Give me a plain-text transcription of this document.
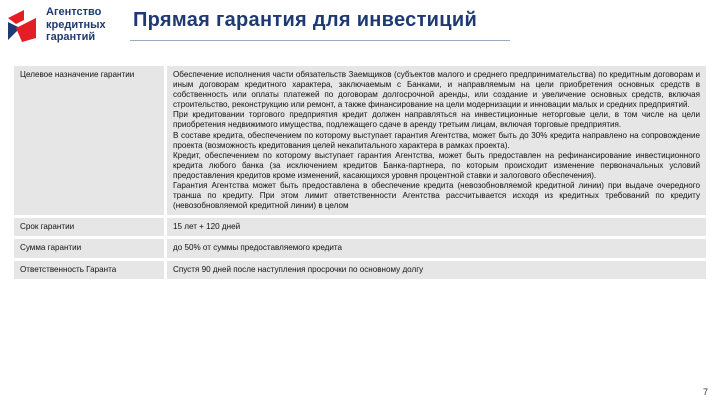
Агентство
кредитных
гарантий
Прямая гарантия для инвестиций
Целевое назначение гарантии	Обеспечение исполнения части обязательств Заемщиков (субъектов малого и среднего предпринимательства) по кредитным договорам и иным договорам кредитного характера, заключаемым с Банками, и направляемым на цели приобретения основных средств в собственность или оплаты платежей по договорам долгосрочной аренды, или создание и увеличение основных средств, включая строительство, реконструкцию или ремонт, а также финансирование на цели модернизации и инновации малых и средних предприятий.

При кредитовании торгового предприятия кредит должен направляться на инвестиционные неторговые цели, в том числе на цели приобретения недвижимого имущества, подлежащего сдаче в аренду третьим лицам, включая торговые предприятия.

В составе кредита, обеспечением по которому выступает гарантия Агентства, может быть до 30% кредита направлено на сопровождение проекта (возможность кредитования целей некапитального характера в рамках проекта).

Кредит, обеспечением по которому выступает гарантия Агентства, может быть предоставлен на рефинансирование инвестиционного кредита любого банка (за исключением кредитов Банка-партнера, по которым происходит изменение первоначальных условий предоставления кредитов кроме изменений, касающихся уровня процентной ставки и залогового обеспечения).

Гарантия Агентства может быть предоставлена в обеспечение кредита (невозобновляемой кредитной линии) при выдаче очередного транша по кредиту. При этом лимит ответственности Агентства рассчитывается исходя из кредитных требований по кредиту (невозобновляемой кредитной линии) в целом

Срок гарантии	15 лет + 120 дней

Сумма гарантии	до 50% от суммы предоставляемого кредита

Ответственность Гаранта	Спустя 90 дней после наступления просрочки по основному долгу

7
